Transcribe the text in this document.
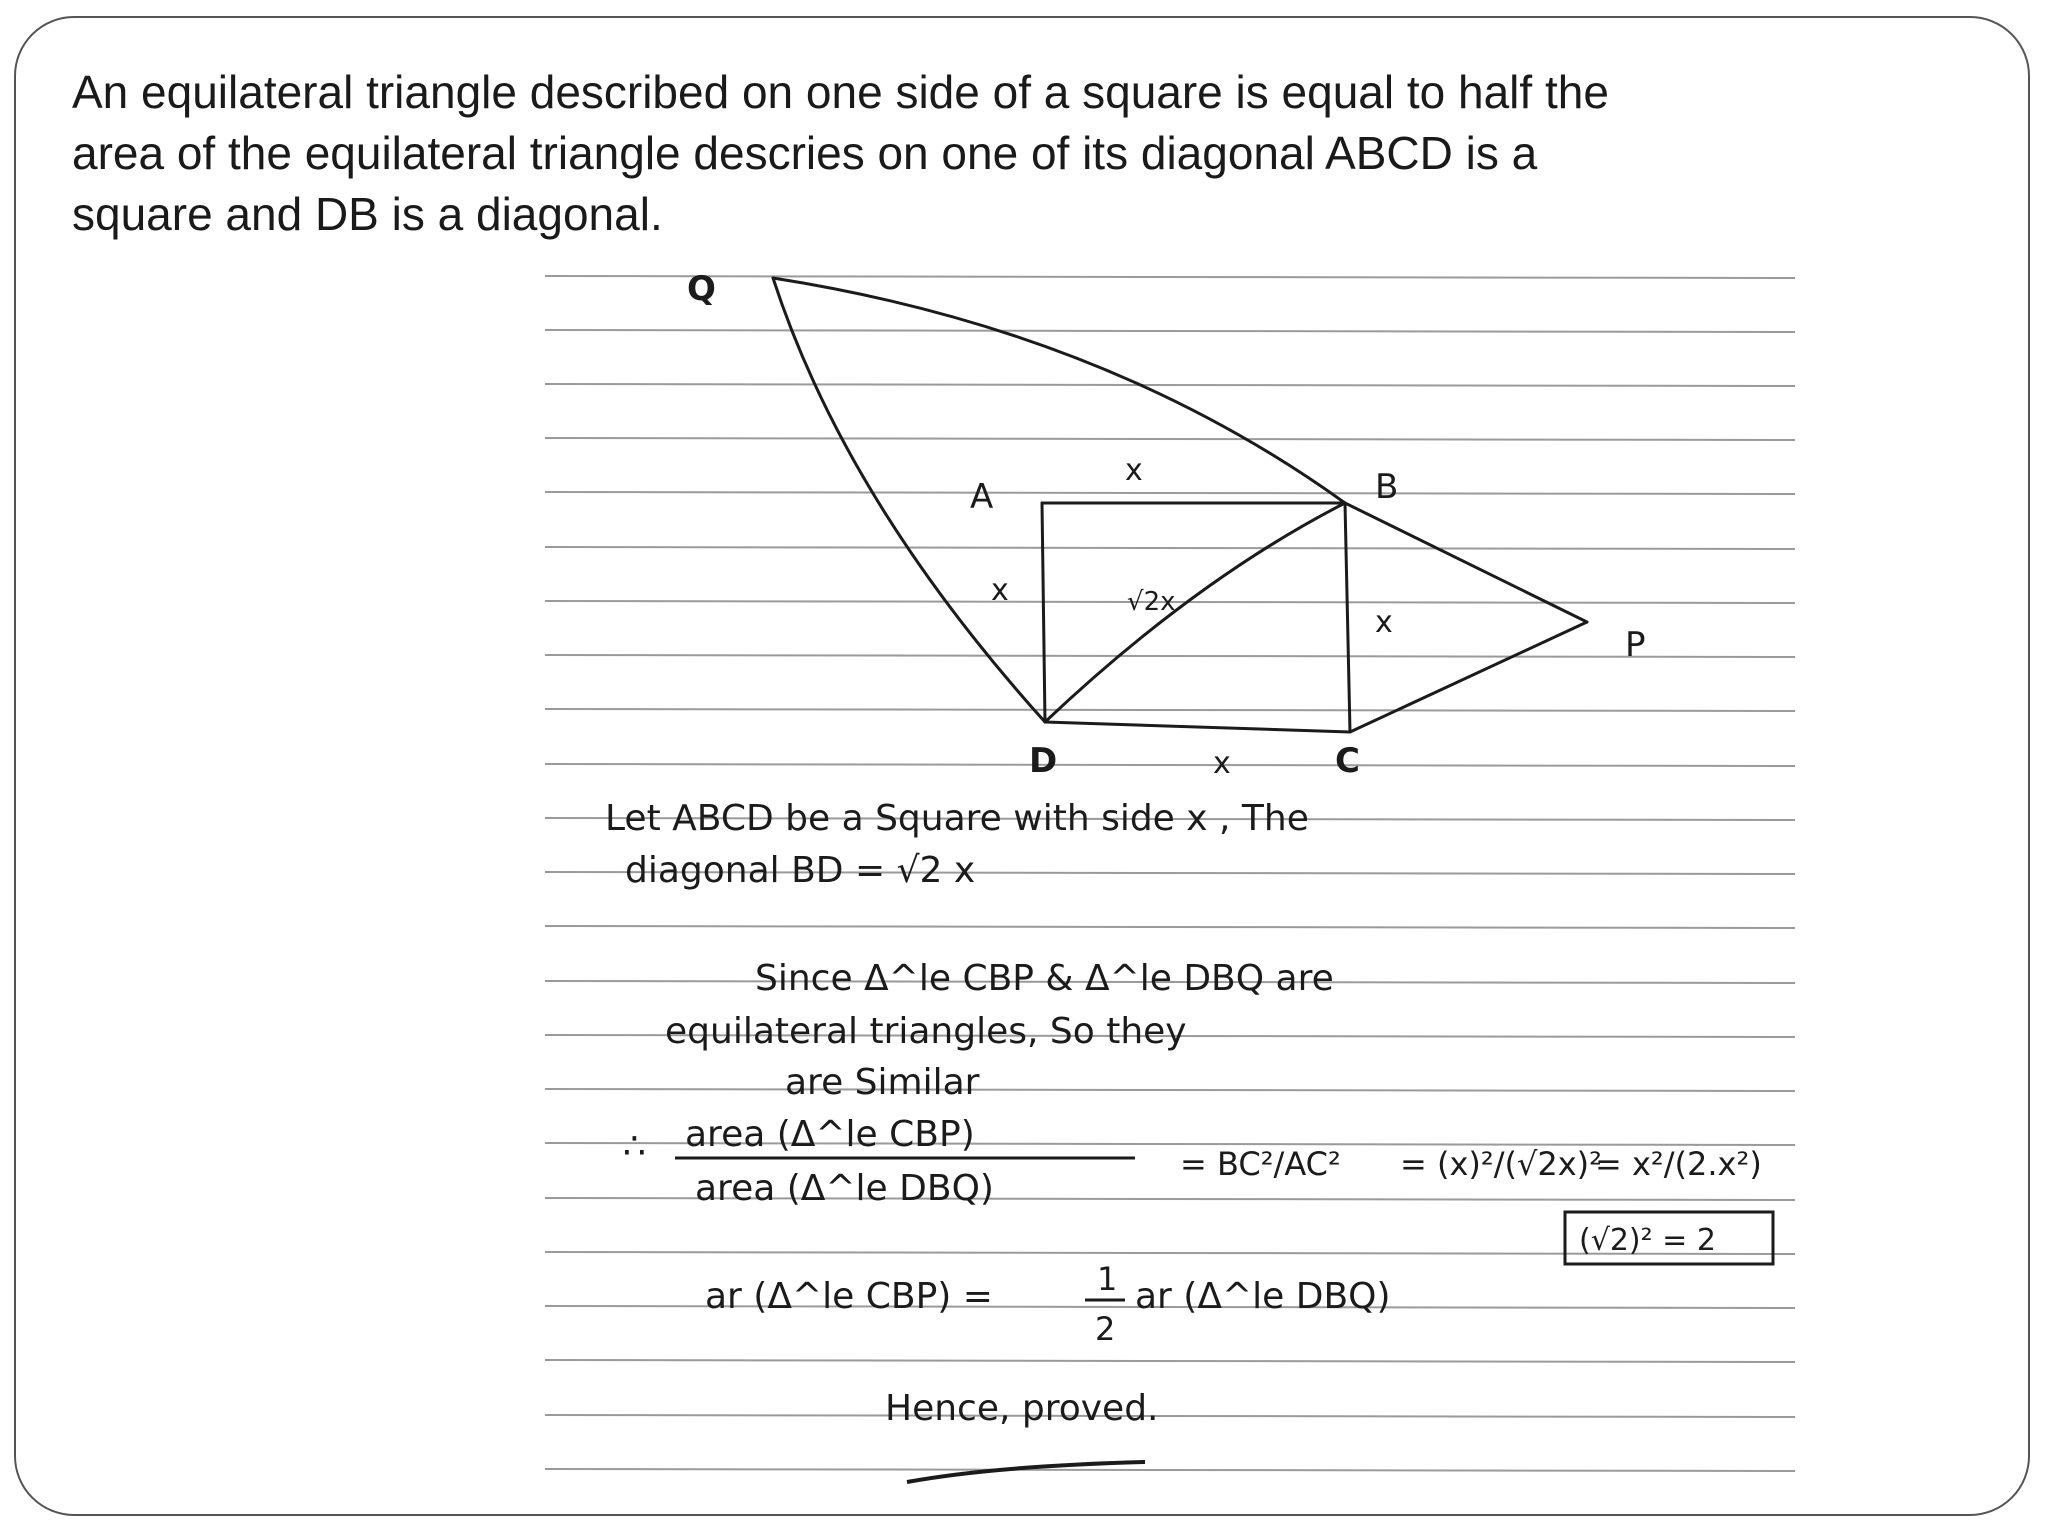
An equilateral triangle described on one side of a square is equal to half the

area of the equilateral triangle descries on one of its diagonal ABCD is a

square and DB is a diagonal.

Q
A	B
P
D	C
x
x
x
x
√2x
Let ABCD be a Square with side x , The
diagonal BD = √2 x
Since Δ^le CBP & Δ^le DBQ are
equilateral triangles, So they
are Similar
∴ area (Δ^le CBP)
area (Δ^le DBQ)
= BC²/AC² = (x)²/(√2x)²
= x²/(2.x²)
(√2)² = 2
ar (Δ^le CBP) =	1
2
ar (Δ^le DBQ)
Hence, proved.
